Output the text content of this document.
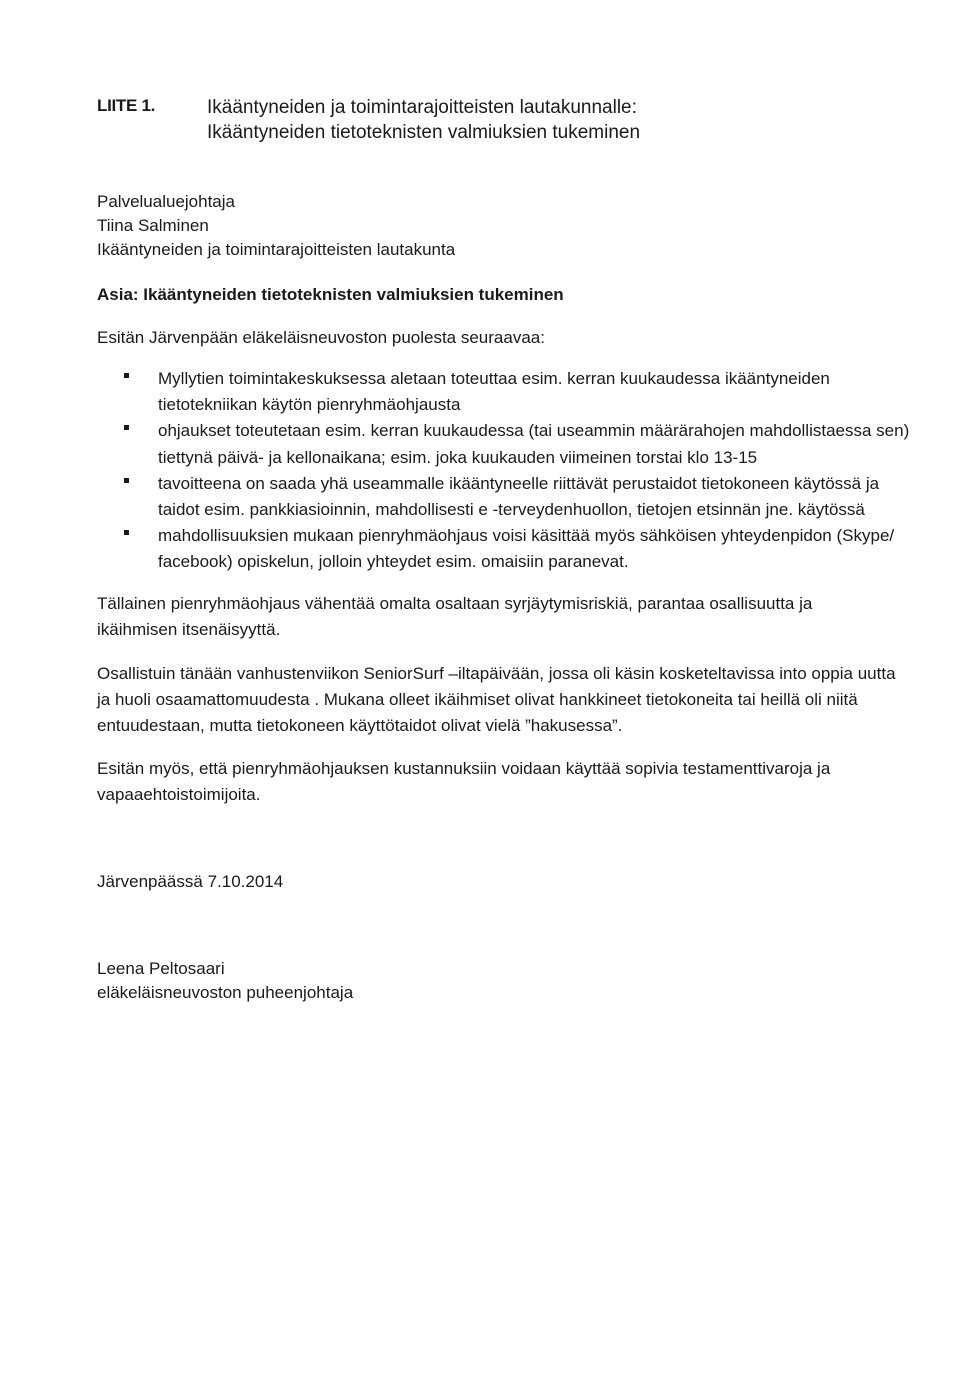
LIITE 1.	Ikääntyneiden ja toimintarajoitteisten lautakunnalle:
Ikääntyneiden tietoteknisten valmiuksien tukeminen
Palvelualuejohtaja
Tiina Salminen
Ikääntyneiden ja toimintarajoitteisten lautakunta
Asia: Ikääntyneiden tietoteknisten valmiuksien tukeminen
Esitän Järvenpään eläkeläisneuvoston puolesta seuraavaa:
Myllytien toimintakeskuksessa aletaan toteuttaa esim. kerran kuukaudessa ikääntyneiden
tietotekniikan käytön pienryhmäohjausta
ohjaukset toteutetaan esim. kerran kuukaudessa (tai useammin määrärahojen mahdollistaessa sen)
tiettynä päivä- ja kellonaikana; esim. joka kuukauden viimeinen torstai klo 13-15
tavoitteena on saada yhä useammalle ikääntyneelle riittävät perustaidot tietokoneen käytössä ja
taidot esim. pankkiasioinnin, mahdollisesti e -terveydenhuollon, tietojen etsinnän jne. käytössä
mahdollisuuksien mukaan pienryhmäohjaus voisi käsittää myös sähköisen yhteydenpidon (Skype/
facebook) opiskelun, jolloin yhteydet esim. omaisiin paranevat.
Tällainen pienryhmäohjaus vähentää omalta osaltaan syrjäytymisriskiä, parantaa osallisuutta ja ikäihmisen itsenäisyyttä.
Osallistuin tänään vanhustenviikon SeniorSurf –iltapäivään, jossa oli käsin kosketeltavissa into oppia uutta ja huoli osaamattomuudesta . Mukana olleet ikäihmiset olivat hankkineet tietokoneita tai heillä oli niitä entuudestaan, mutta tietokoneen käyttötaidot olivat vielä ”hakusessa”.
Esitän myös, että pienryhmäohjauksen kustannuksiin voidaan käyttää sopivia testamenttivaroja ja vapaaehtoistoimijoita.
Järvenpäässä 7.10.2014
Leena Peltosaari
eläkeläisneuvoston puheenjohtaja
